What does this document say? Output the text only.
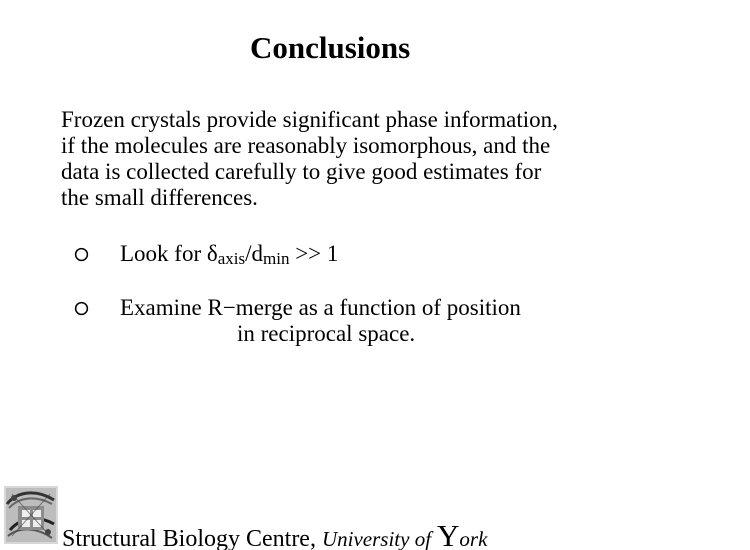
Conclusions
Frozen crystals provide significant phase information,
if the molecules are reasonably isomorphous, and the
data is collected carefully to give good estimates for
the small differences.
Look for δaxis/dmin >> 1
Examine R−merge as a function of position
in reciprocal space.
Structural Biology Centre, University of York
